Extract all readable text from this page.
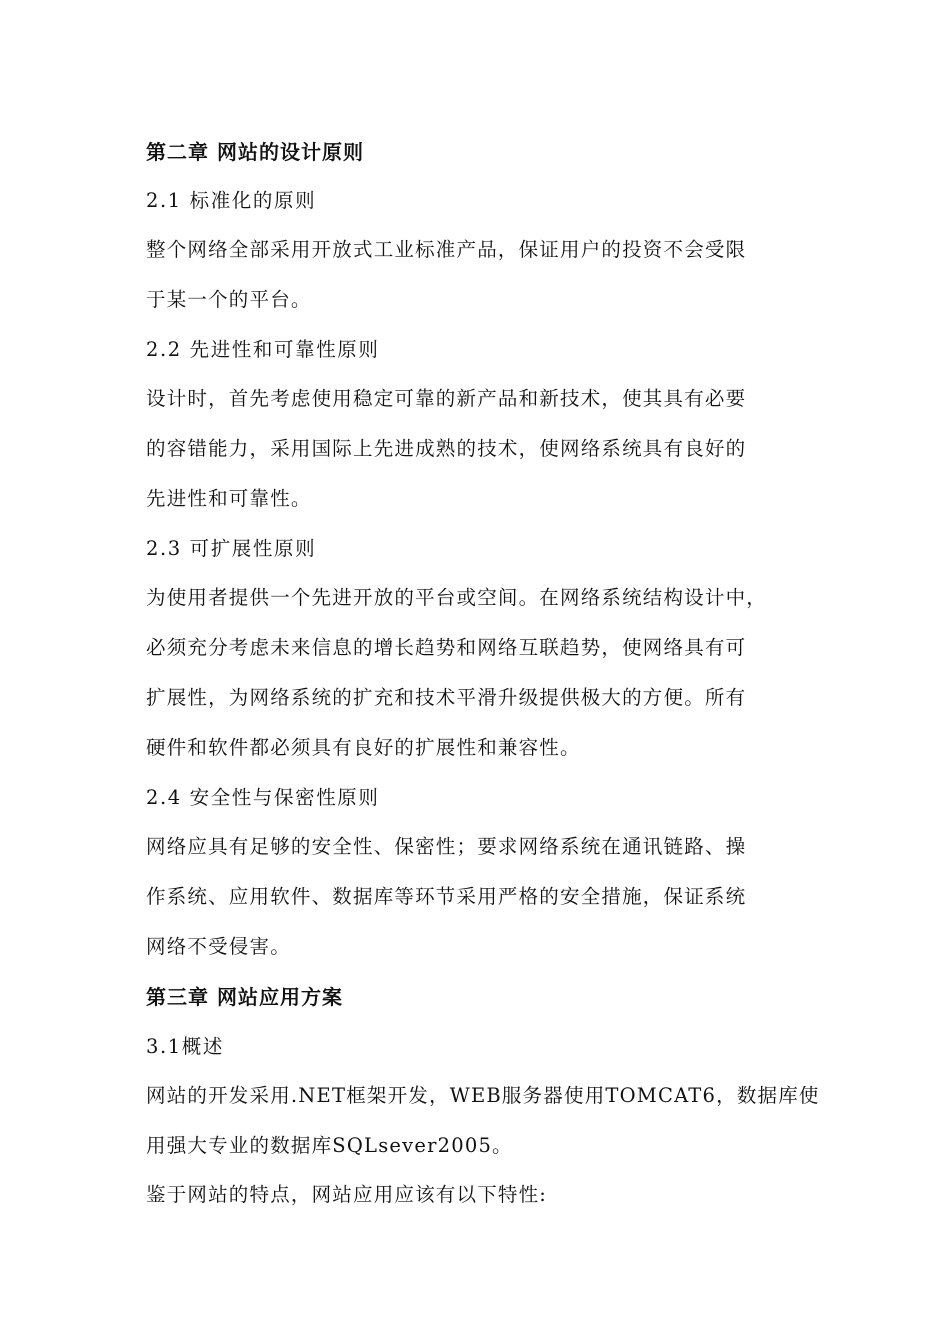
第二章 网站的设计原则
2.1 标准化的原则
整个网络全部采用开放式工业标准产品，保证用户的投资不会受限
于某一个的平台。
2.2 先进性和可靠性原则
设计时，首先考虑使用稳定可靠的新产品和新技术，使其具有必要
的容错能力，采用国际上先进成熟的技术，使网络系统具有良好的
先进性和可靠性。
2.3 可扩展性原则
为使用者提供一个先进开放的平台或空间。在网络系统结构设计中，
必须充分考虑未来信息的增长趋势和网络互联趋势，使网络具有可
扩展性，为网络系统的扩充和技术平滑升级提供极大的方便。所有
硬件和软件都必须具有良好的扩展性和兼容性。
2.4 安全性与保密性原则
网络应具有足够的安全性、保密性；要求网络系统在通讯链路、操
作系统、应用软件、数据库等环节采用严格的安全措施，保证系统
网络不受侵害。
第三章 网站应用方案
3.1概述
网站的开发采用.NET框架开发，WEB服务器使用TOMCAT6，数据库使
用强大专业的数据库SQLsever2005。
鉴于网站的特点，网站应用应该有以下特性:
